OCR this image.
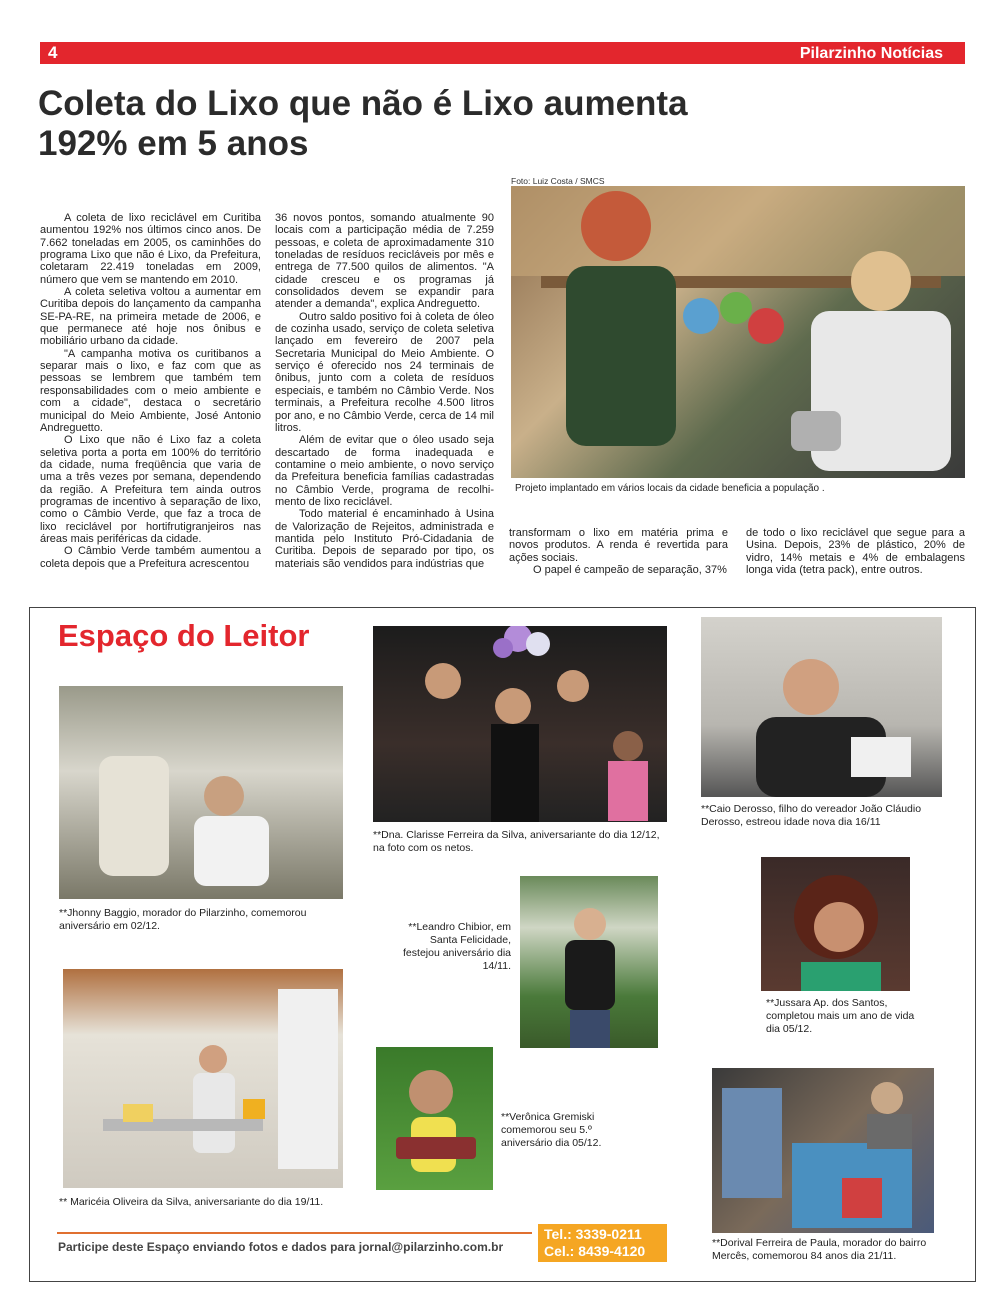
4	Pilarzinho Notícias
Coleta do Lixo que não é Lixo aumenta
192% em 5 anos

A coleta de lixo reciclável em Curitiba aumentou 192% nos últimos cinco anos. De 7.662 toneladas em 2005, os caminhões do programa Lixo que não é Lixo, da Prefeitura, coletaram 22.419 toneladas em 2009, número que vem se mantendo em 2010.

A coleta seletiva voltou a aumentar em Curitiba depois do lançamento da campanha SE-PA-RE, na primeira metade de 2006, e que permanece até hoje nos ônibus e mobiliário urbano da cidade.

"A campanha motiva os curitibanos a separar mais o lixo, e faz com que as pessoas se lembrem que também tem responsabilidades com o meio ambiente e com a cidade", destaca o secretário municipal do Meio Ambiente, José Antonio Andreguetto.

O Lixo que não é Lixo faz a coleta seletiva porta a porta em 100% do território da cidade, numa freqüência que varia de uma a três vezes por semana, dependendo da região. A Prefeitura tem ainda outros programas de incentivo à separação de lixo, como o Câmbio Verde, que faz a troca de lixo reciclável por hortifrutigranjeiros nas áreas mais periféricas da cidade.

O Câmbio Verde também aumentou a coleta depois que a Prefeitura acrescentou

36 novos pontos, somando atualmente 90 locais com a participação média de 7.259 pessoas, e coleta de aproximadamente 310 toneladas de resíduos recicláveis por mês e entrega de 77.500 quilos de alimentos. "A cidade cresceu e os programas já consolidados devem se expandir para atender a demanda", explica Andreguetto.

Outro saldo positivo foi à coleta de óleo de cozinha usado, serviço de coleta seletiva lançado em fevereiro de 2007 pela Secretaria Municipal do Meio Ambiente. O serviço é oferecido nos 24 terminais de ônibus, junto com a coleta de resíduos especiais, e também no Câmbio Verde. Nos terminais, a Prefeitura recolhe 4.500 litros por ano, e no Câmbio Verde, cerca de 14 mil litros.

Além de evitar que o óleo usado seja descartado de forma inadequada e contamine o meio ambiente, o novo serviço da Prefeitura beneficia famílias cadastradas no Câmbio Verde, programa de recolhi-mento de lixo reciclável.

Todo material é encaminhado à Usina de Valorização de Rejeitos, administrada e mantida pelo Instituto Pró-Cidadania de Curitiba. Depois de separado por tipo, os materiais são vendidos para indústrias que

transformam o lixo em matéria prima e novos produtos. A renda é revertida para ações sociais.

O papel é campeão de separação, 37%

de todo o lixo reciclável que segue para a Usina. Depois, 23% de plástico, 20% de vidro, 14% metais e 4% de embalagens longa vida (tetra pack), entre outros.

Foto: Luiz Costa / SMCS
Projeto implantado em vários locais da cidade beneficia a população .
Espaço do Leitor
**Jhonny Baggio, morador do Pilarzinho, comemorou aniversário em 02/12.
**Dna. Clarisse Ferreira da Silva, aniversariante do dia 12/12, na foto com os netos.
**Caio Derosso, filho do vereador João Cláudio Derosso, estreou idade nova dia 16/11
**Leandro Chibior, em Santa Felicidade, festejou aniversário dia 14/11.
**Jussara Ap. dos Santos, completou mais um ano de vida dia 05/12.
** Maricéia Oliveira da Silva, aniversariante do dia 19/11.
**Verônica Gremiski comemorou seu 5.º aniversário dia 05/12.
**Dorival Ferreira de Paula, morador do bairro Mercês, comemorou 84 anos dia 21/11.
Participe deste Espaço enviando fotos e dados para jornal@pilarzinho.com.br
Tel.: 3339-0211
Cel.: 8439-4120
